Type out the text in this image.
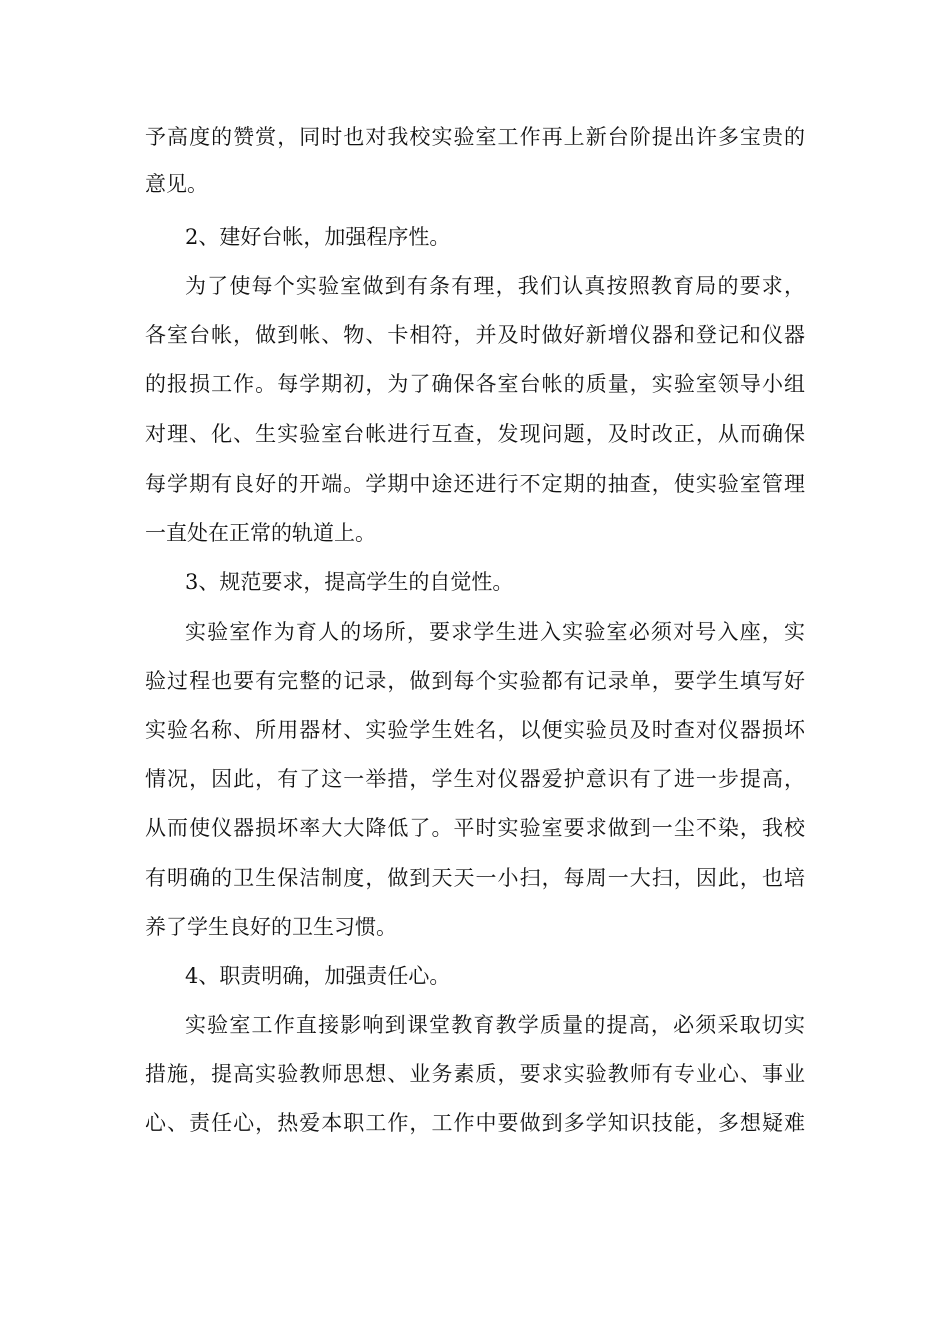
予高度的赞赏，同时也对我校实验室工作再上新台阶提出许多宝贵的

意见。

2、建好台帐，加强程序性。

为了使每个实验室做到有条有理，我们认真按照教育局的要求，

各室台帐，做到帐、物、卡相符，并及时做好新增仪器和登记和仪器

的报损工作。每学期初，为了确保各室台帐的质量，实验室领导小组

对理、化、生实验室台帐进行互查，发现问题，及时改正，从而确保

每学期有良好的开端。学期中途还进行不定期的抽查，使实验室管理

一直处在正常的轨道上。

3、规范要求，提高学生的自觉性。

实验室作为育人的场所，要求学生进入实验室必须对号入座，实

验过程也要有完整的记录，做到每个实验都有记录单，要学生填写好

实验名称、所用器材、实验学生姓名，以便实验员及时查对仪器损坏

情况，因此，有了这一举措，学生对仪器爱护意识有了进一步提高，

从而使仪器损坏率大大降低了。平时实验室要求做到一尘不染，我校

有明确的卫生保洁制度，做到天天一小扫，每周一大扫，因此，也培

养了学生良好的卫生习惯。

4、职责明确，加强责任心。

实验室工作直接影响到课堂教育教学质量的提高，必须采取切实

措施，提高实验教师思想、业务素质，要求实验教师有专业心、事业

心、责任心，热爱本职工作，工作中要做到多学知识技能，多想疑难
